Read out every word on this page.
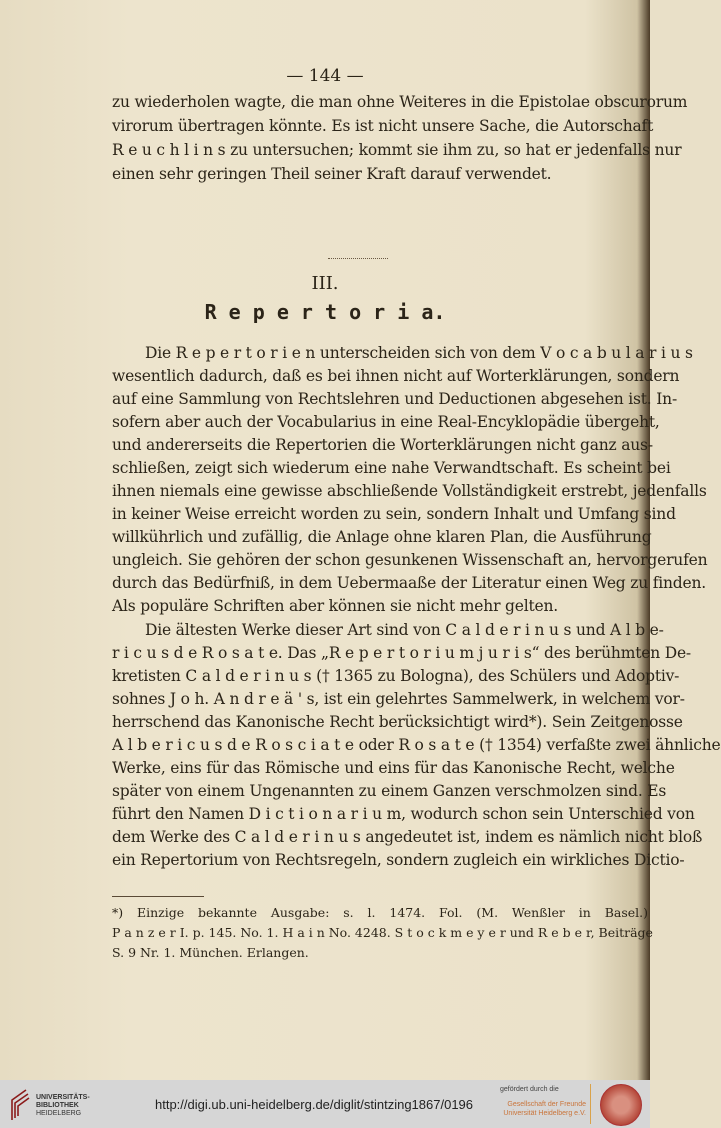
— 144 —
zu wiederholen wagte, die man ohne Weiteres in die Epistolae obscurorum
virorum übertragen könnte. Es ist nicht unsere Sache, die Autorschaft
R e u c h l i n s zu untersuchen; kommt sie ihm zu, so hat er jedenfalls nur
einen sehr geringen Theil seiner Kraft darauf verwendet.
III.
R e p e r t o r i a.
Die R e p e r t o r i e n unterscheiden sich von dem V o c a b u l a r i u s
wesentlich dadurch, daß es bei ihnen nicht auf Worterklärungen, sondern
auf eine Sammlung von Rechtslehren und Deductionen abgesehen ist. In-
sofern aber auch der Vocabularius in eine Real-Encyklopädie übergeht,
und andererseits die Repertorien die Worterklärungen nicht ganz aus-
schließen, zeigt sich wiederum eine nahe Verwandtschaft. Es scheint bei
ihnen niemals eine gewisse abschließende Vollständigkeit erstrebt, jedenfalls
in keiner Weise erreicht worden zu sein, sondern Inhalt und Umfang sind
willkührlich und zufällig, die Anlage ohne klaren Plan, die Ausführung
ungleich. Sie gehören der schon gesunkenen Wissenschaft an, hervorgerufen
durch das Bedürfniß, in dem Uebermaaße der Literatur einen Weg zu finden.
Als populäre Schriften aber können sie nicht mehr gelten.
Die ältesten Werke dieser Art sind von C a l d e r i n u s und A l b e-
r i c u s d e R o s a t e. Das „R e p e r t o r i u m j u r i s“ des berühmten De-
kretisten C a l d e r i n u s († 1365 zu Bologna), des Schülers und Adoptiv-
sohnes J o h. A n d r e ä ' s, ist ein gelehrtes Sammelwerk, in welchem vor-
herrschend das Kanonische Recht berücksichtigt wird*). Sein Zeitgenosse
A l b e r i c u s d e R o s c i a t e oder R o s a t e († 1354) verfaßte zwei ähnliche
Werke, eins für das Römische und eins für das Kanonische Recht, welche
später von einem Ungenannten zu einem Ganzen verschmolzen sind. Es
führt den Namen D i c t i o n a r i u m, wodurch schon sein Unterschied von
dem Werke des C a l d e r i n u s angedeutet ist, indem es nämlich nicht bloß
ein Repertorium von Rechtsregeln, sondern zugleich ein wirkliches Dictio-
*) Einzige bekannte Ausgabe: s. l. 1474. Fol. (M. Wenßler in Basel.)
P a n z e r I. p. 145. No. 1. H a i n No. 4248. S t o c k m e y e r und R e b e r, Beiträge
S. 9 Nr. 1. München. Erlangen.
UNIVERSITÄTS-
BIBLIOTHEK
HEIDELBERG
http://digi.ub.uni-heidelberg.de/diglit/stintzing1867/0196
gefördert durch die
Gesellschaft der Freunde
Universität Heidelberg e.V.
